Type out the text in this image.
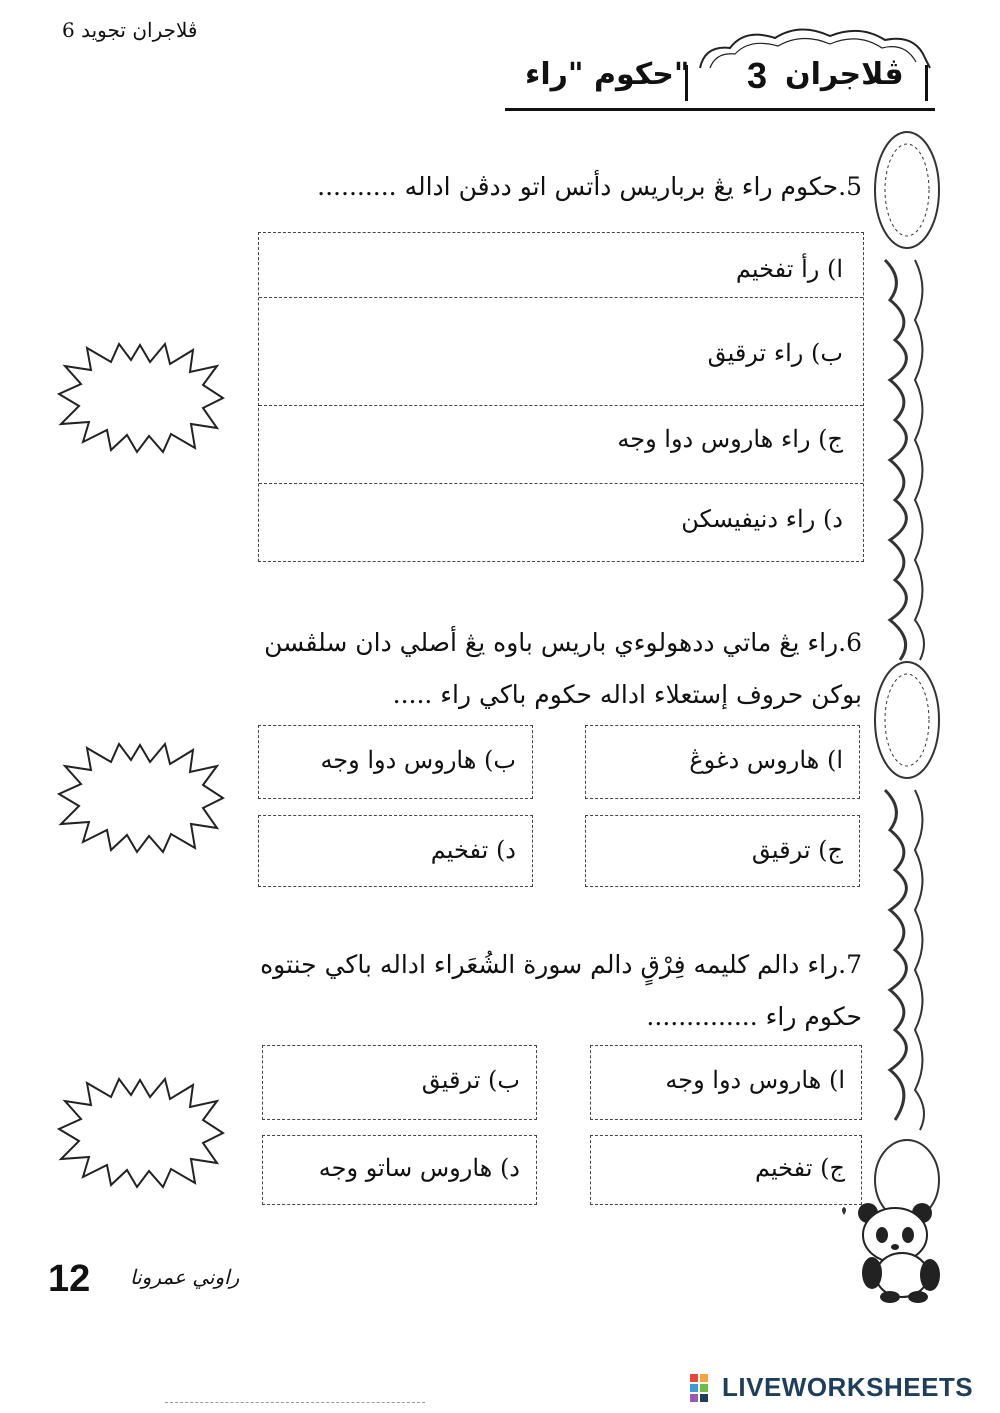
ڤلاجران تجويد 6
ڤلاجران
3
حکوم "راء"
5.حکوم راء يڠ برباريس دأتس اتو ددڤن اداله ..........
ا) رأ تفخيم
ب) راء ترقيق
ج) راء هاروس دوا وجه
د) راء دنيفيسکن
6.راء يڠ ماتي ددهولوءي باريس باوه يڠ أصلي دان سلڤسن
بوکن حروف إستعلاء اداله حکوم باکي راء .....
ا) هاروس دغوڠ
ب) هاروس دوا وجه
ج) ترقيق
د) تفخيم
7.راء دالم کليمه فِرْقٍ دالم سورة الشُعَراء اداله باکي جنتوه
حکوم راء ..............
ا) هاروس دوا وجه
ب) ترقيق
ج) تفخيم
د) هاروس ساتو وجه
12 راوني عمرونا
LIVEWORKSHEETS
